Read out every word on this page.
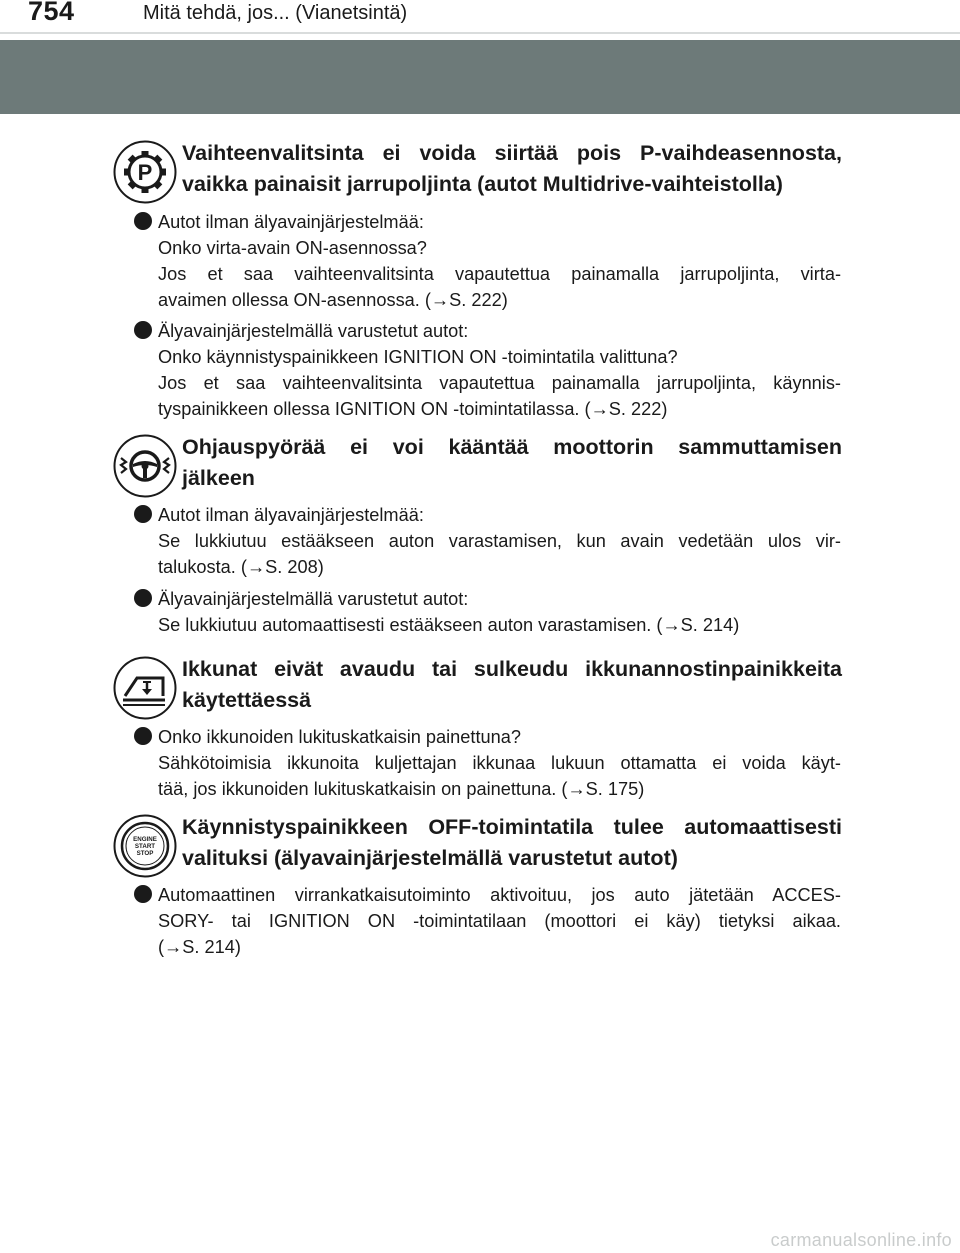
754	Mitä tehdä, jos... (Vianetsintä)
P
Vaihteenvalitsinta ei voida siirtää pois P-vaihdeasennosta,
vaikka painaisit jarrupoljinta (autot Multidrive-vaihteistolla)
Autot ilman älyavainjärjestelmää:
Onko virta-avain ON-asennossa?
Jos et saa vaihteenvalitsinta vapautettua painamalla jarrupoljinta, virta-
avaimen ollessa ON-asennossa. (→S. 222)
Älyavainjärjestelmällä varustetut autot:
Onko käynnistyspainikkeen IGNITION ON -toimintatila valittuna?
Jos et saa vaihteenvalitsinta vapautettua painamalla jarrupoljinta, käynnis-
tyspainikkeen ollessa IGNITION ON -toimintatilassa. (→S. 222)
Ohjauspyörää ei voi kääntää moottorin sammuttamisen
jälkeen
Autot ilman älyavainjärjestelmää:
Se lukkiutuu estääkseen auton varastamisen, kun avain vedetään ulos vir-
talukosta. (→S. 208)
Älyavainjärjestelmällä varustetut autot:
Se lukkiutuu automaattisesti estääkseen auton varastamisen. (→S. 214)
Ikkunat eivät avaudu tai sulkeudu ikkunannostinpainikkeita
käytettäessä
Onko ikkunoiden lukituskatkaisin painettuna?
Sähkötoimisia ikkunoita kuljettajan ikkunaa lukuun ottamatta ei voida käyt-
tää, jos ikkunoiden lukituskatkaisin on painettuna. (→S. 175)
ENGINE
START
STOP
Käynnistyspainikkeen OFF-toimintatila tulee automaattisesti
valituksi (älyavainjärjestelmällä varustetut autot)
Automaattinen virrankatkaisutoiminto aktivoituu, jos auto jätetään ACCES-
SORY- tai IGNITION ON -toimintatilaan (moottori ei käy) tietyksi aikaa.
(→S. 214)
carmanualsonline.info
